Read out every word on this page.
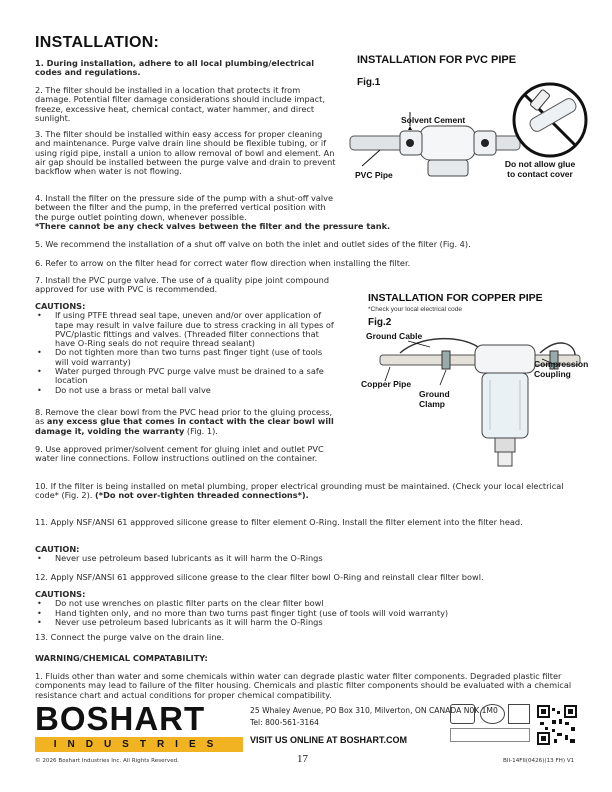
INSTALLATION:
1. During installation, adhere to all local plumbing/electrical codes and regulations.
2. The filter should be installed in a location that protects it from damage. Potential filter damage considerations should include impact, freeze, excessive heat, chemical contact, water hammer, and direct sunlight.
3. The filter should be installed within easy access for proper cleaning and maintenance. Purge valve drain line should be flexible tubing, or if using rigid pipe, install a union to allow removal of bowl and element. An air gap should be installed between the purge valve and drain to prevent backflow when water is not flowing.
4. Install the filter on the pressure side of the pump with a shut-off valve between the filter and the pump, in the preferred vertical position with the purge outlet pointing down, whenever possible.
*There cannot be any check valves between the filter and the pressure tank.
5. We recommend the installation of a shut off valve on both the inlet and outlet sides of the filter (Fig. 4).
6. Refer to arrow on the filter head for correct water flow direction when installing the filter.
7. Install the PVC purge valve. The use of a quality pipe joint compound approved for use with PVC is recommended.
CAUTIONS:
• If using PTFE thread seal tape, uneven and/or over application of tape may result in valve failure due to stress cracking in all types of PVC/plastic fittings and valves. (Threaded filter connections that have O-Ring seals do not require thread sealant)
• Do not tighten more than two turns past finger tight (use of tools will void warranty)
• Water purged through PVC purge valve must be drained to a safe location
• Do not use a brass or metal ball valve
8. Remove the clear bowl from the PVC head prior to the gluing process, as any excess glue that comes in contact with the clear bowl will damage it, voiding the warranty (Fig. 1).
9. Use approved primer/solvent cement for gluing inlet and outlet PVC water line connections. Follow instructions outlined on the container.
10. If the filter is being installed on metal plumbing, proper electrical grounding must be maintained. (Check your local electrical code* (Fig. 2). (*Do not over-tighten threaded connections*).
11. Apply NSF/ANSI 61 appproved silicone grease to filter element O-Ring. Install the filter element into the filter head.
CAUTION:
• Never use petroleum based lubricants as it will harm the O-Rings
12. Apply NSF/ANSI 61 appproved silicone grease to the clear filter bowl O-Ring and reinstall clear filter bowl.
CAUTIONS:
• Do not use wrenches on plastic filter parts on the clear filter bowl
• Hand tighten only, and no more than two turns past finger tight (use of tools will void warranty)
• Never use petroleum based lubricants as it will harm the O-Rings
13. Connect the purge valve on the drain line.
WARNING/CHEMICAL COMPATABILITY:
1. Fluids other than water and some chemicals within water can degrade plastic water filter components. Degraded plastic filter components may lead to failure of the filter housing. Chemicals and plastic filter components should be evaluated with a chemical resistance chart and actual conditions for proper chemical compatibility.
INSTALLATION FOR PVC PIPE
Fig.1
Solvent Cement
PVC Pipe
Do not allow glue to contact cover
INSTALLATION FOR COPPER PIPE
*Check your local electrical code
Fig.2
Ground Cable
Compression Coupling
Copper Pipe
Ground Clamp
BOSHART
INDUSTRIES
25 Whaley Avenue, PO Box 310, Milverton, ON CANADA N0K 1M0
Tel: 800-561-3164
VISIT US ONLINE AT BOSHART.COM
© 2026 Boshart Industries Inc. All Rights Reserved.	17	BII-14FII(0426)(13 FH) V1
